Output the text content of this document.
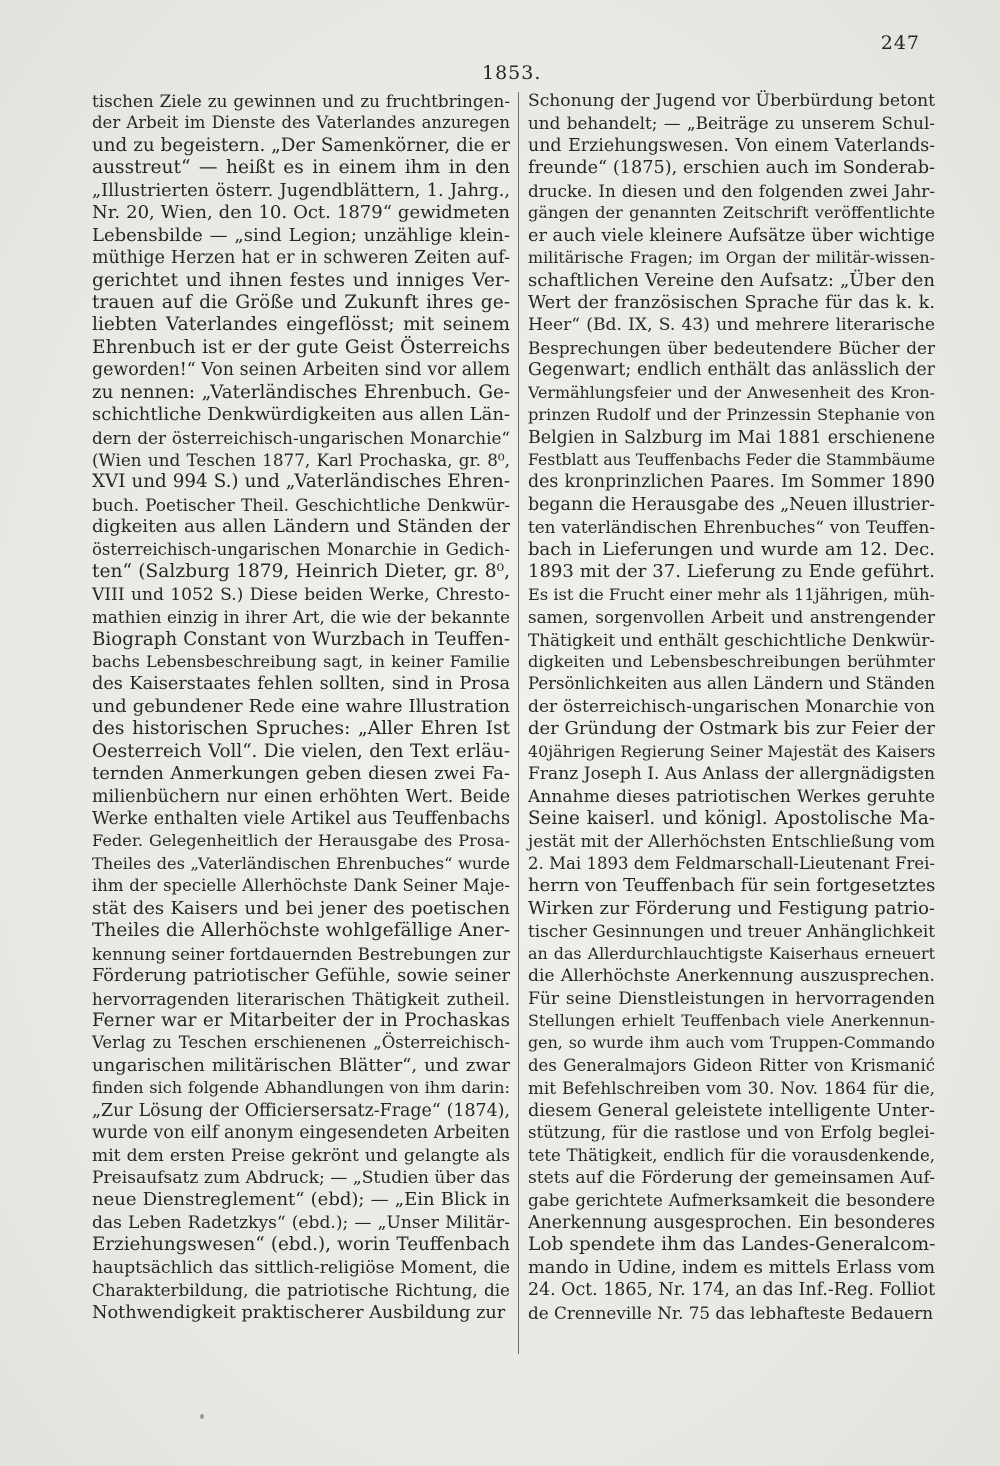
247
1853.
tischen Ziele zu gewinnen und zu fruchtbringen-
der Arbeit im Dienste des Vaterlandes anzuregen
und zu begeistern. „Der Samenkörner, die er
ausstreut“ — heißt es in einem ihm in den
„Illustrierten österr. Jugendblättern, 1. Jahrg.,
Nr. 20, Wien, den 10. Oct. 1879“ gewidmeten
Lebensbilde — „sind Legion; unzählige klein-
müthige Herzen hat er in schweren Zeiten auf-
gerichtet und ihnen festes und inniges Ver-
trauen auf die Größe und Zukunft ihres ge-
liebten Vaterlandes eingeflösst; mit seinem
Ehrenbuch ist er der gute Geist Österreichs
geworden!“ Von seinen Arbeiten sind vor allem
zu nennen: „Vaterländisches Ehrenbuch. Ge-
schichtliche Denkwürdigkeiten aus allen Län-
dern der österreichisch-ungarischen Monarchie“
(Wien und Teschen 1877, Karl Prochaska, gr. 8⁰,
XVI und 994 S.) und „Vaterländisches Ehren-
buch. Poetischer Theil. Geschichtliche Denkwür-
digkeiten aus allen Ländern und Ständen der
österreichisch-ungarischen Monarchie in Gedich-
ten“ (Salzburg 1879, Heinrich Dieter, gr. 8⁰,
VIII und 1052 S.) Diese beiden Werke, Chresto-
mathien einzig in ihrer Art, die wie der bekannte
Biograph Constant von Wurzbach in Teuffen-
bachs Lebensbeschreibung sagt, in keiner Familie
des Kaiserstaates fehlen sollten, sind in Prosa
und gebundener Rede eine wahre Illustration
des historischen Spruches: „Aller Ehren Ist
Oesterreich Voll“. Die vielen, den Text erläu-
ternden Anmerkungen geben diesen zwei Fa-
milienbüchern nur einen erhöhten Wert. Beide
Werke enthalten viele Artikel aus Teuffenbachs
Feder. Gelegenheitlich der Herausgabe des Prosa-
Theiles des „Vaterländischen Ehrenbuches“ wurde
ihm der specielle Allerhöchste Dank Seiner Maje-
stät des Kaisers und bei jener des poetischen
Theiles die Allerhöchste wohlgefällige Aner-
kennung seiner fortdauernden Bestrebungen zur
Förderung patriotischer Gefühle, sowie seiner
hervorragenden literarischen Thätigkeit zutheil.
Ferner war er Mitarbeiter der in Prochaskas
Verlag zu Teschen erschienenen „Österreichisch-
ungarischen militärischen Blätter“, und zwar
finden sich folgende Abhandlungen von ihm darin:
„Zur Lösung der Officiersersatz-Frage“ (1874),
wurde von eilf anonym eingesendeten Arbeiten
mit dem ersten Preise gekrönt und gelangte als
Preisaufsatz zum Abdruck; — „Studien über das
neue Dienstreglement“ (ebd); — „Ein Blick in
das Leben Radetzkys“ (ebd.); — „Unser Militär-
Erziehungswesen“ (ebd.), worin Teuffenbach
hauptsächlich das sittlich-religiöse Moment, die
Charakterbildung, die patriotische Richtung, die
Nothwendigkeit praktischerer Ausbildung zur
Schonung der Jugend vor Überbürdung betont
und behandelt; — „Beiträge zu unserem Schul-
und Erziehungswesen. Von einem Vaterlands-
freunde“ (1875), erschien auch im Sonderab-
drucke. In diesen und den folgenden zwei Jahr-
gängen der genannten Zeitschrift veröffentlichte
er auch viele kleinere Aufsätze über wichtige
militärische Fragen; im Organ der militär-wissen-
schaftlichen Vereine den Aufsatz: „Über den
Wert der französischen Sprache für das k. k.
Heer“ (Bd. IX, S. 43) und mehrere literarische
Besprechungen über bedeutendere Bücher der
Gegenwart; endlich enthält das anlässlich der
Vermählungsfeier und der Anwesenheit des Kron-
prinzen Rudolf und der Prinzessin Stephanie von
Belgien in Salzburg im Mai 1881 erschienene
Festblatt aus Teuffenbachs Feder die Stammbäume
des kronprinzlichen Paares. Im Sommer 1890
begann die Herausgabe des „Neuen illustrier-
ten vaterländischen Ehrenbuches“ von Teuffen-
bach in Lieferungen und wurde am 12. Dec.
1893 mit der 37. Lieferung zu Ende geführt.
Es ist die Frucht einer mehr als 11jährigen, müh-
samen, sorgenvollen Arbeit und anstrengender
Thätigkeit und enthält geschichtliche Denkwür-
digkeiten und Lebensbeschreibungen berühmter
Persönlichkeiten aus allen Ländern und Ständen
der österreichisch-ungarischen Monarchie von
der Gründung der Ostmark bis zur Feier der
40jährigen Regierung Seiner Majestät des Kaisers
Franz Joseph I. Aus Anlass der allergnädigsten
Annahme dieses patriotischen Werkes geruhte
Seine kaiserl. und königl. Apostolische Ma-
jestät mit der Allerhöchsten Entschließung vom
2. Mai 1893 dem Feldmarschall-Lieutenant Frei-
herrn von Teuffenbach für sein fortgesetztes
Wirken zur Förderung und Festigung patrio-
tischer Gesinnungen und treuer Anhänglichkeit
an das Allerdurchlauchtigste Kaiserhaus erneuert
die Allerhöchste Anerkennung auszusprechen.
Für seine Dienstleistungen in hervorragenden
Stellungen erhielt Teuffenbach viele Anerkennun-
gen, so wurde ihm auch vom Truppen-Commando
des Generalmajors Gideon Ritter von Krismanić
mit Befehlschreiben vom 30. Nov. 1864 für die,
diesem General geleistete intelligente Unter-
stützung, für die rastlose und von Erfolg beglei-
tete Thätigkeit, endlich für die vorausdenkende,
stets auf die Förderung der gemeinsamen Auf-
gabe gerichtete Aufmerksamkeit die besondere
Anerkennung ausgesprochen. Ein besonderes
Lob spendete ihm das Landes-Generalcom-
mando in Udine, indem es mittels Erlass vom
24. Oct. 1865, Nr. 174, an das Inf.-Reg. Folliot
de Crenneville Nr. 75 das lebhafteste Bedauern
